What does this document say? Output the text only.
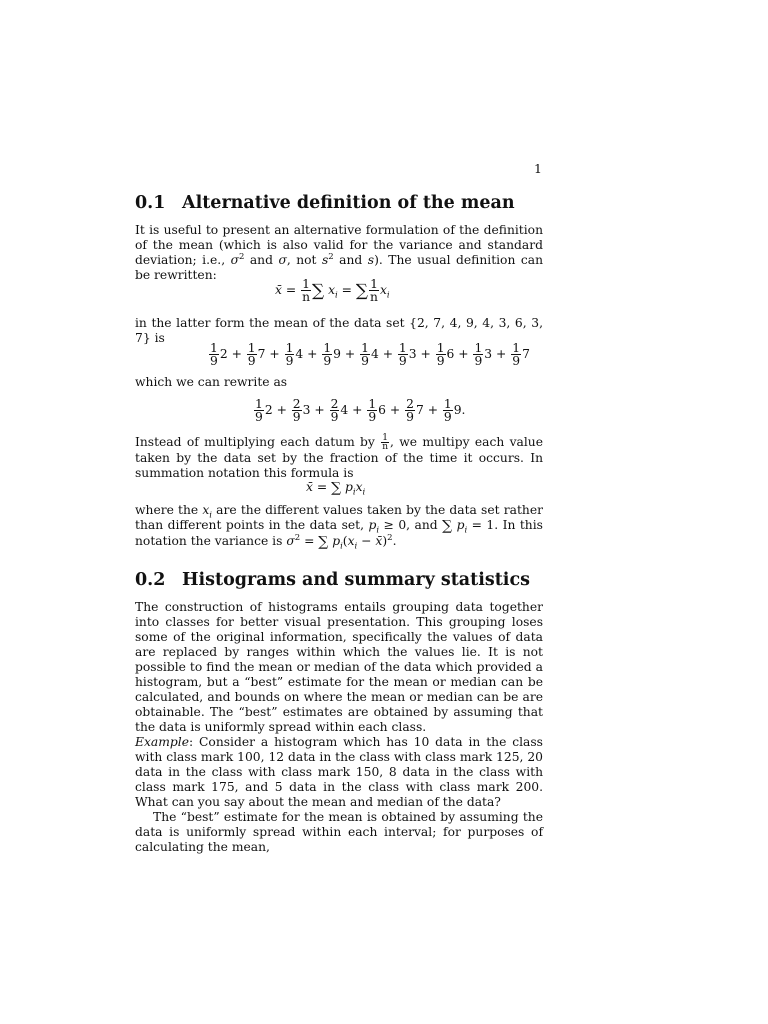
1
0.1 Alternative definition of the mean

It is useful to present an alternative formulation of the definition of the mean (which is also valid for the variance and standard deviation; i.e., $\sigma^2$ and σ, not $s^2$ and s). The usual definition can be rewritten:

x̄ = $\frac{1}{n}$ ∑ $x_i$ = ∑ $\frac{1}{n} x_i$

in the latter form the mean of the data set {2, 7, 4, 9, 4, 3, 6, 3, 7} is

$\frac{1}{9} 2 + \frac{1}{9} 7 + \frac{1}{9} 4 + \frac{1}{9} 9 + \frac{1}{9} 4 + \frac{1}{9} 3 + \frac{1}{9} 6 + \frac{1}{9} 3 + \frac{1}{9} 7$

which we can rewrite as

$\frac{1}{9} 2 + \frac{2}{9} 3 + \frac{2}{9} 4 + \frac{1}{9} 6 + \frac{2}{9} 7 + \frac{1}{9} 9$.

Instead of multiplying each datum by $\frac{1}{n}$ , we multipy each value taken by the data set by the fraction of the time it occurs. In summation notation this formula is

x̄ = ∑ $p_ix_i$

where the $x_i$ are the different values taken by the data set rather than different points in the data set, $p_i \ge 0$, and ∑ $p_i = 1$. In this notation the variance is $\sigma^2$ = ∑ $p_i(x_i$ − x̄)$^2$.

0.2 Histograms and summary statistics

The construction of histograms entails grouping data together into classes for better visual presentation. This grouping loses some of the original information, specifically the values of data are replaced by ranges within which the values lie. It is not possible to find the mean or median of the data which provided a histogram, but a “best” estimate for the mean or median can be calculated, and bounds on where the mean or median can be are obtainable. The “best” estimates are obtained by assuming that the data is uniformly spread within each class.

Example: Consider a histogram which has 10 data in the class with class mark 100, 12 data in the class with class mark 125, 20 data in the class with class mark 150, 8 data in the class with class mark 175, and 5 data in the class with class mark 200. What can you say about the mean and median of the data?

The “best” estimate for the mean is obtained by assuming the data is uniformly spread within each interval; for purposes of calculating the mean,
